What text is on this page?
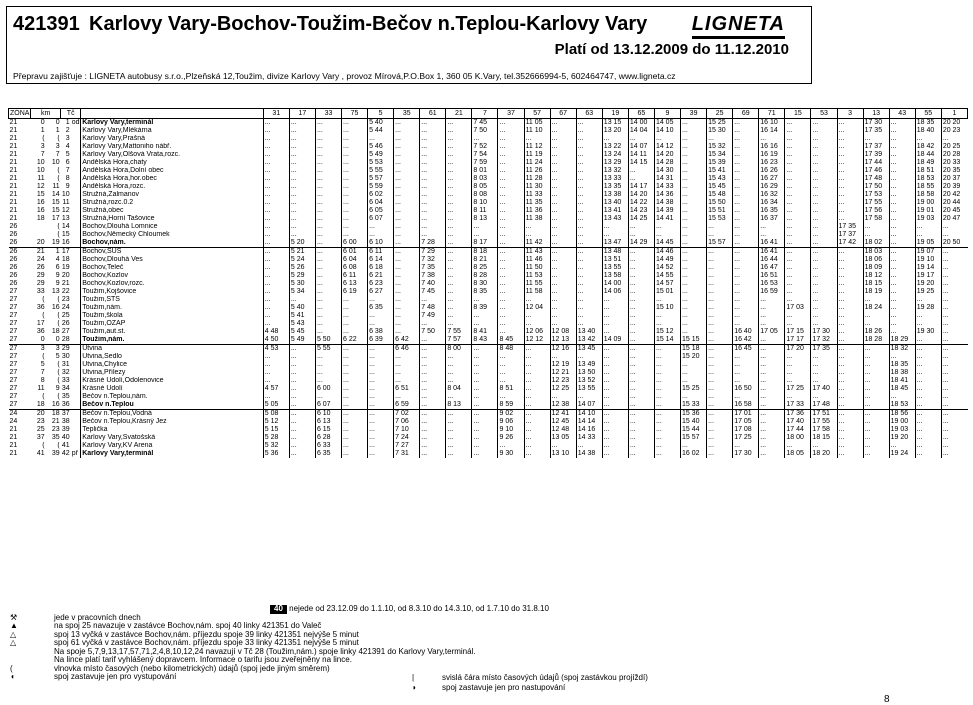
421391 Karlovy Vary-Bochov-Toužim-Bečov n.Teplou-Karlovy Vary LIGNETA
Platí od 13.12.2009 do 11.12.2010
Přepravu zajišťuje : LIGNETA autobusy s.r.o.,Plzeňská 12,Toužim, divize Karlovy Vary , provoz Mírová,P.O.Box 1, 360 05 K.Vary, tel.352666994-5, 602464747, www.ligneta.cz
ZÓNA	km		Tč			31	17	33	75	5	35	61	21	7	37	57	67	63	19	65	9	39	25	69	71	15	53	3	13	43	55	1
21	0	0	1	od	Karlovy Vary,terminál	...	...	...	...	5 40	...	...	...	7 45	...	11 05	...	...	13 15	14 00	14 05	...	15 25	...	16 10	...	...	...	17 30	...	18 35	20 20
21	1	1	2		Karlovy Vary,Mlékárna	...	...	...	...	5 44	...	...	...	7 50	...	11 10	...	...	13 20	14 04	14 10	...	15 30	...	16 14	...	...	...	17 35	...	18 40	20 23
21	(	(	3		Karlovy Vary,Prašná	...	...	...	...	...	...	...	...	...	...	...	...	...	...	...	...	...	...	...	...	...	...	...	...	...	...	...
21	3	3	4		Karlovy Vary,Mattoniho nábř.	...	...	...	...	5 46	...	...	...	7 52	...	11 12	...	...	13 22	14 07	14 12	...	15 32	...	16 16	...	...	...	17 37	...	18 42	20 25
21	7	7	5		Karlovy Vary,Olšová Vrata,rozc.	...	...	...	...	5 49	...	...	...	7 54	...	11 19	...	...	13 24	14 11	14 20	...	15 34	...	16 19	...	...	...	17 39	...	18 44	20 28
21	10	10	6		Andělská Hora,chaty	...	...	...	...	5 53	...	...	...	7 59	...	11 24	...	...	13 29	14 15	14 28	...	15 39	...	16 23	...	...	...	17 44	...	18 49	20 33
21	10	(	7		Andělská Hora,Dolní obec	...	...	...	...	5 55	...	...	...	8 01	...	11 26	...	...	13 32	...	14 30	...	15 41	...	16 26	...	...	...	17 46	...	18 51	20 35
21	11	(	8		Andělská Hora,hor.obec	...	...	...	...	5 57	...	...	...	8 03	...	11 28	...	...	13 33	...	14 31	...	15 43	...	16 27	...	...	...	17 48	...	18 53	20 37
21	12	11	9		Andělská Hora,rozc.	...	...	...	...	5 59	...	...	...	8 05	...	11 30	...	...	13 35	14 17	14 33	...	15 45	...	16 29	...	...	...	17 50	...	18 55	20 39
21	15	14	10		Stružná,Žalmanov	...	...	...	...	6 02	...	...	...	8 08	...	11 33	...	...	13 38	14 20	14 36	...	15 48	...	16 32	...	...	...	17 53	...	18 58	20 42
21	16	15	11		Stružná,rozc.0.2	...	...	...	...	6 04	...	...	...	8 10	...	11 35	...	...	13 40	14 22	14 38	...	15 50	...	16 34	...	...	...	17 55	...	19 00	20 44
21	16	15	12		Stružná,obec	...	...	...	...	6 05	...	...	...	8 11	...	11 36	...	...	13 41	14 23	14 39	...	15 51	...	16 35	...	...	...	17 56	...	19 01	20 45
21	18	17	13		Stružná,Horní Tašovice	...	...	...	...	6 07	...	...	...	8 13	...	11 38	...	...	13 43	14 25	14 41	...	15 53	...	16 37	...	...	...	17 58	...	19 03	20 47
26		(	14		Bochov,Dlouhá Lomnice	...	...	...	...	...	...	...	...	...	...	...	...	...	...	...	...	...	...	...	...	...	...	17 35	...	...	...	...
26		(	15		Bochov,Německý Chloumek	...	...	...	...	...	...	...	...	...	...	...	...	...	...	...	...	...	...	...	...	...	...	17 37	...	...	...	...
26	20	19	16		Bochov,nám.	...	5 20	...	6 00	6 10	...	7 28	...	8 17	...	11 42	...	...	13 47	14 29	14 45	...	15 57	...	16 41	...	...	17 42	18 02	...	19 05	20 50
26	21	1	17		Bochov,SUS	...	5 21	...	6 01	6 11	...	7 29	...	8 18	...	11 43	...	...	13 48	...	14 46	...	...	...	16 41	...	...	...	18 03	...	19 07	...
26	24	4	18		Bochov,Dlouhá Ves	...	5 24	...	6 04	6 14	...	7 32	...	8 21	...	11 46	...	...	13 51	...	14 49	...	...	...	16 44	...	...	...	18 06	...	19 10	...
26	26	6	19		Bochov,Teleč	...	5 26	...	6 08	6 18	...	7 35	...	8 25	...	11 50	...	...	13 55	...	14 52	...	...	...	16 47	...	...	...	18 09	...	19 14	...
26	29	9	20		Bochov,Kozlov	...	5 29	...	6 11	6 21	...	7 38	...	8 28	...	11 53	...	...	13 58	...	14 55	...	...	...	16 51	...	...	...	18 12	...	19 17	...
26	29	9	21		Bochov,Kozlov,rozc.	...	5 30	...	6 13	6 23	...	7 40	...	8 30	...	11 55	...	...	14 00	...	14 57	...	...	...	16 53	...	...	...	18 15	...	19 20	...
27	33	13	22		Toužim,Kojšovice	...	5 34	...	6 19	6 27	...	7 45	...	8 35	...	11 58	...	...	14 06	...	15 01	...	...	...	16 59	...	...	...	18 19	...	19 25	...
27	(	(	23		Toužim,STS	...	...	...	...	...	...	...	...	...	...	...	...	...	...	...	...	...	...	...	...	...	...	...	...	...	...	...
27	36	16	24		Toužim,nám.	...	5 40	...	...	6 35	...	7 48	...	8 39	...	12 04	...	...	...	...	15 10	...	...	...	...	17 03	...	...	18 24	...	19 28	...
27	(	(	25		Toužim,škola	...	5 41	...	...	...	...	7 49	...	...	...	...	...	...	...	...	...	...	...	...	...	...	...	...	...	...	...	...
27	17	(	26		Toužim,OZAP	...	5 43	...	...	...	...	...	...	...	...	...	...	...	...	...	...	...	...	...	...	...	...	...	...	...	...	...
27	36	18	27		Toužim,aut.st.	4 48	5 45	...	...	6 38	...	7 50	7 55	8 41	...	12 06	12 08	13 40	...	...	15 12	...	...	16 40	17 05	17 15	17 30	...	18 26	...	19 30	...
27	0	0	28		Toužim,nám.	4 50	5 49	5 50	6 22	6 39	6 42	...	7 57	8 43	8 45	12 12	12 13	13 42	14 09	...	15 14	15 15	...	16 42	...	17 17	17 32	...	18 28	18 29	...	...
27	3	3	29		Útvina	4 53	...	5 55	...	...	6 46	...	8 00	...	8 48	...	12 16	13 45	...	...	...	15 18	...	16 45	...	17 20	17 35	...	...	18 32	...	...
27	(	5	30		Útvina,Sedlo	...	...	...	...	...	...	...	...	...	...	...	...	...	...	...	...	15 20	...	...	...	...	...	...	...	...	...	...
27	5	(	31		Útvina,Chylice	...	...	...	...	...	...	...	...	...	...	...	12 19	13 49	...	...	...	...	...	...	...	...	...	...	...	18 35	...	...
27	7	(	32		Útvina,Přílezy	...	...	...	...	...	...	...	...	...	...	...	12 21	13 50	...	...	...	...	...	...	...	...	...	...	...	18 38	...	...
27	8	(	33		Krásné Údolí,Odolenovice	...	...	...	...	...	...	...	...	...	...	...	12 23	13 52	...	...	...	...	...	...	...	...	...	...	...	18 41	...	...
27	11	9	34		Krásné Údolí	4 57	...	6 00	...	...	6 51	...	8 04	...	8 51	...	12 25	13 55	...	...	...	15 25	...	16 50	...	17 25	17 40	...	...	18 45	...	...
27	(	(	35		Bečov n.Teplou,nám.	...	...	...	...	...	...	...	...	...	...	...	...	...	...	...	...	...	...	...	...	...	...	...	...	...	...	...
27	18	16	36		Bečov n.Teplou	5 05	...	6 07	...	...	6 59	...	8 13	...	8 59	...	12 38	14 07	...	...	...	15 33	...	16 58	...	17 33	17 48	...	...	18 53	...	...
24	20	18	37		Bečov n.Teplou,Vodná	5 08	...	6 10	...	...	7 02	...	...	...	9 02	...	12 41	14 10	...	...	...	15 36	...	17 01	...	17 36	17 51	...	...	18 56	...	...
24	23	21	38		Bečov n.Teplou,Krásný Jez	5 12	...	6 13	...	...	7 06	...	...	...	9 06	...	12 45	14 14	...	...	...	15 40	...	17 05	...	17 40	17 55	...	...	19 00	...	...
21	25	23	39		Teplička	5 15	...	6 15	...	...	7 10	...	...	...	9 10	...	12 48	14 16	...	...	...	15 44	...	17 08	...	17 44	17 58	...	...	19 03	...	...
21	37	35	40		Karlovy Vary,Svatošská	5 28	...	6 28	...	...	7 24	...	...	...	9 26	...	13 05	14 33	...	...	...	15 57	...	17 25	...	18 00	18 15	...	...	19 20	...	...
21	(	(	41		Karlovy Vary,KV Arena	5 32	...	6 33	...	...	7 27	...	...	...	...	...	...	...	...	...	...	...	...	...	...	...	...	...	...	...	...	...
21	41	39	42	př	Karlovy Vary,terminál	5 36	...	6 35	...	...	7 31	...	...	...	9 30	...	13 10	14 38	...	...	...	16 02	...	17 30	...	18 05	18 20	...	...	19 24	...	...
40 nejede od 23.12.09 do 1.1.10, od 8.3.10 do 14.3.10, od 1.7.10 do 31.8.10
⚒	jede v pracovních dnech
▲	na spoj 25 navazuje v zastávce Bochov,nám. spoj 40 linky 421351 do Valeč
△	spoj 13 vyčká v zastávce Bochov,nám. příjezdu spoje 39 linky 421351 nejvýše 5 minut
△	spoj 61 vyčká v zastávce Bochov,nám. příjezdu spoje 33 linky 421351 nejvýše 5 minut
Na spoje 5,7,9,13,17,57,71,2,4,8,10,12,24 navazují v Tč 28 (Toužim,nám.) spoje linky 421391 do Karlovy Vary,terminál.
Na lince platí tarif vyhlášený dopravcem. Informace o tarifu jsou zveřejněny na lince.
(	vlnovka místo časových (nebo kilometrických) údajů (spoj jede jiným směrem)
◖	spoj zastavuje jen pro vystupování	|	svislá čára místo časových údajů (spoj zastávkou projíždí)
◗	spoj zastavuje jen pro nastupování
8
